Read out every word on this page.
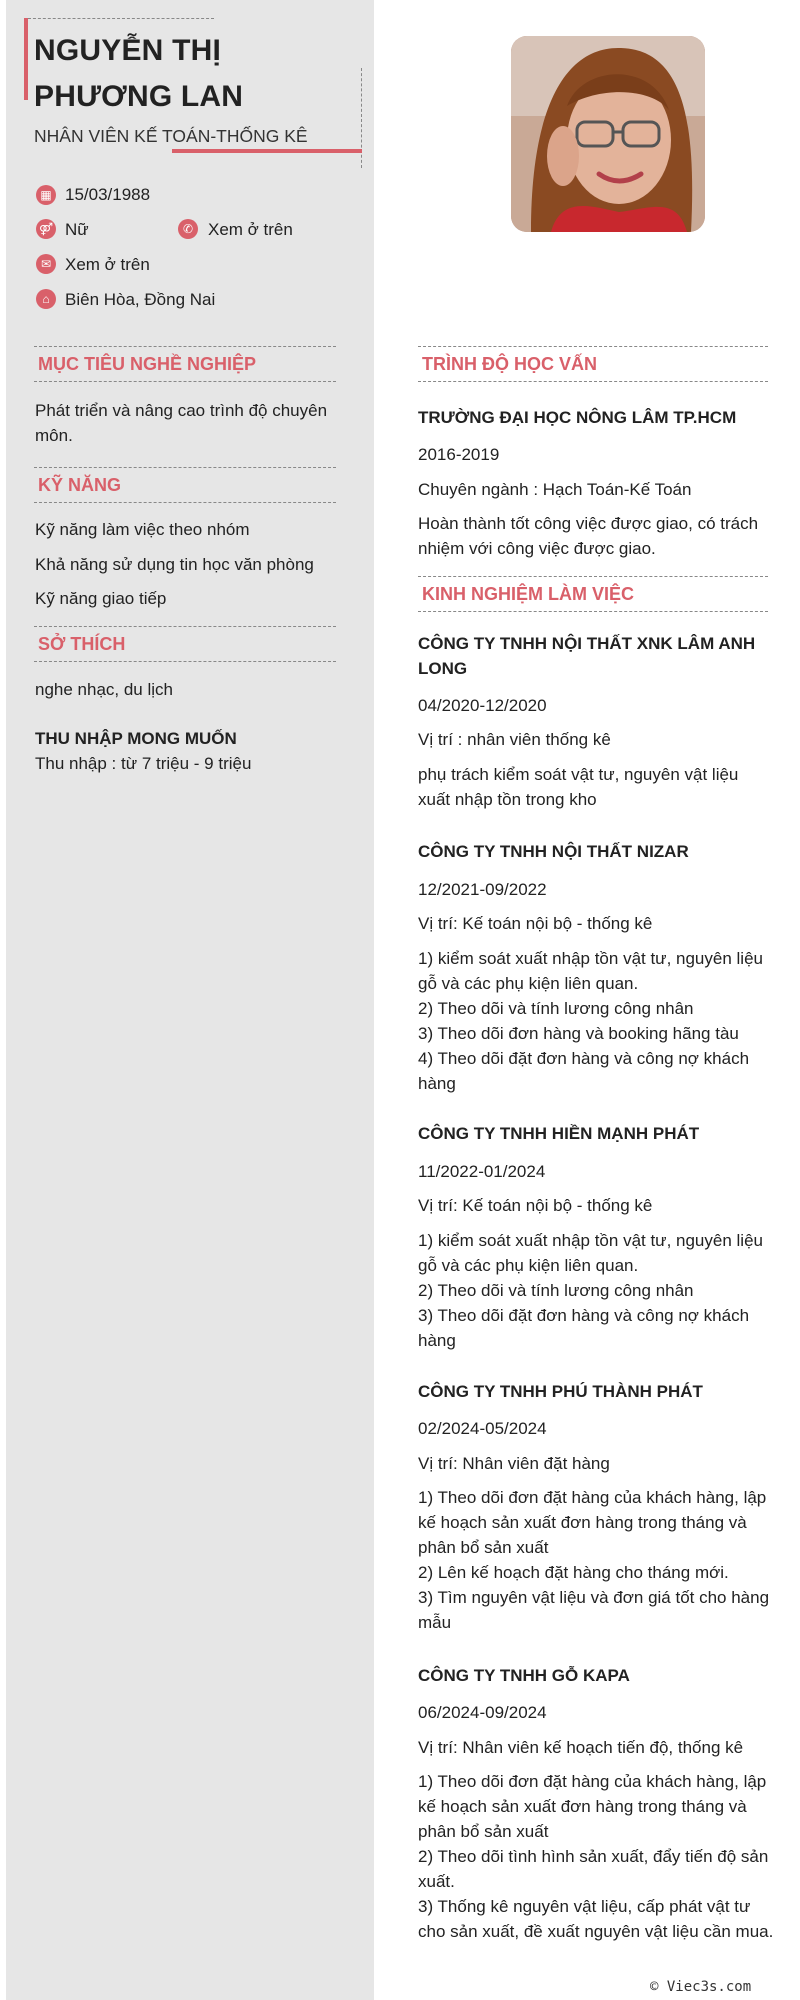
NGUYỄN THỊ PHƯƠNG LAN
NHÂN VIÊN KẾ TOÁN-THỐNG KÊ
▦ 15/03/1988
⚤ Nữ	✆ Xem ở trên
✉ Xem ở trên
⌂ Biên Hòa, Đồng Nai
MỤC TIÊU NGHỀ NGHIỆP
Phát triển và nâng cao trình độ chuyên môn.
KỸ NĂNG
Kỹ năng làm việc theo nhóm
Khả năng sử dụng tin học văn phòng
Kỹ năng giao tiếp
SỞ THÍCH
nghe nhạc, du lịch
THU NHẬP MONG MUỐN
Thu nhập : từ 7 triệu - 9 triệu
TRÌNH ĐỘ HỌC VẤN
TRƯỜNG ĐẠI HỌC NÔNG LÂM TP.HCM
2016-2019
Chuyên ngành : Hạch Toán-Kế Toán
Hoàn thành tốt công việc được giao, có trách nhiệm với công việc được giao.
KINH NGHIỆM LÀM VIỆC
CÔNG TY TNHH NỘI THẤT XNK LÂM ANH LONG
04/2020-12/2020
Vị trí : nhân viên thống kê
phụ trách kiểm soát vật tư, nguyên vật liệu xuất nhập tồn trong kho
CÔNG TY TNHH NỘI THẤT NIZAR
12/2021-09/2022
Vị trí: Kế toán nội bộ - thống kê
1) kiểm soát xuất nhập tồn vật tư, nguyên liệu gỗ và các phụ kiện liên quan.
2) Theo dõi và tính lương công nhân
3) Theo dõi đơn hàng và booking hãng tàu
4) Theo dõi đặt đơn hàng và công nợ khách hàng
CÔNG TY TNHH HIỀN MẠNH PHÁT
11/2022-01/2024
Vị trí: Kế toán nội bộ - thống kê
1) kiểm soát xuất nhập tồn vật tư, nguyên liệu gỗ và các phụ kiện liên quan.
2) Theo dõi và tính lương công nhân
3) Theo dõi đặt đơn hàng và công nợ khách hàng
CÔNG TY TNHH PHÚ THÀNH PHÁT
02/2024-05/2024
Vị trí: Nhân viên đặt hàng
1) Theo dõi đơn đặt hàng của khách hàng, lập kế hoạch sản xuất đơn hàng trong tháng và phân bổ sản xuất
2) Lên kế hoạch đặt hàng cho tháng mới.
3) Tìm nguyên vật liệu và đơn giá tốt cho hàng mẫu
CÔNG TY TNHH GỖ KAPA
06/2024-09/2024
Vị trí: Nhân viên kế hoạch tiến độ, thống kê
1) Theo dõi đơn đặt hàng của khách hàng, lập kế hoạch sản xuất đơn hàng trong tháng và phân bổ sản xuất
2) Theo dõi tình hình sản xuất, đẩy tiến độ sản xuất.
3) Thống kê nguyên vật liệu, cấp phát vật tư cho sản xuất, đề xuất nguyên vật liệu cần mua.
© Viec3s.com
